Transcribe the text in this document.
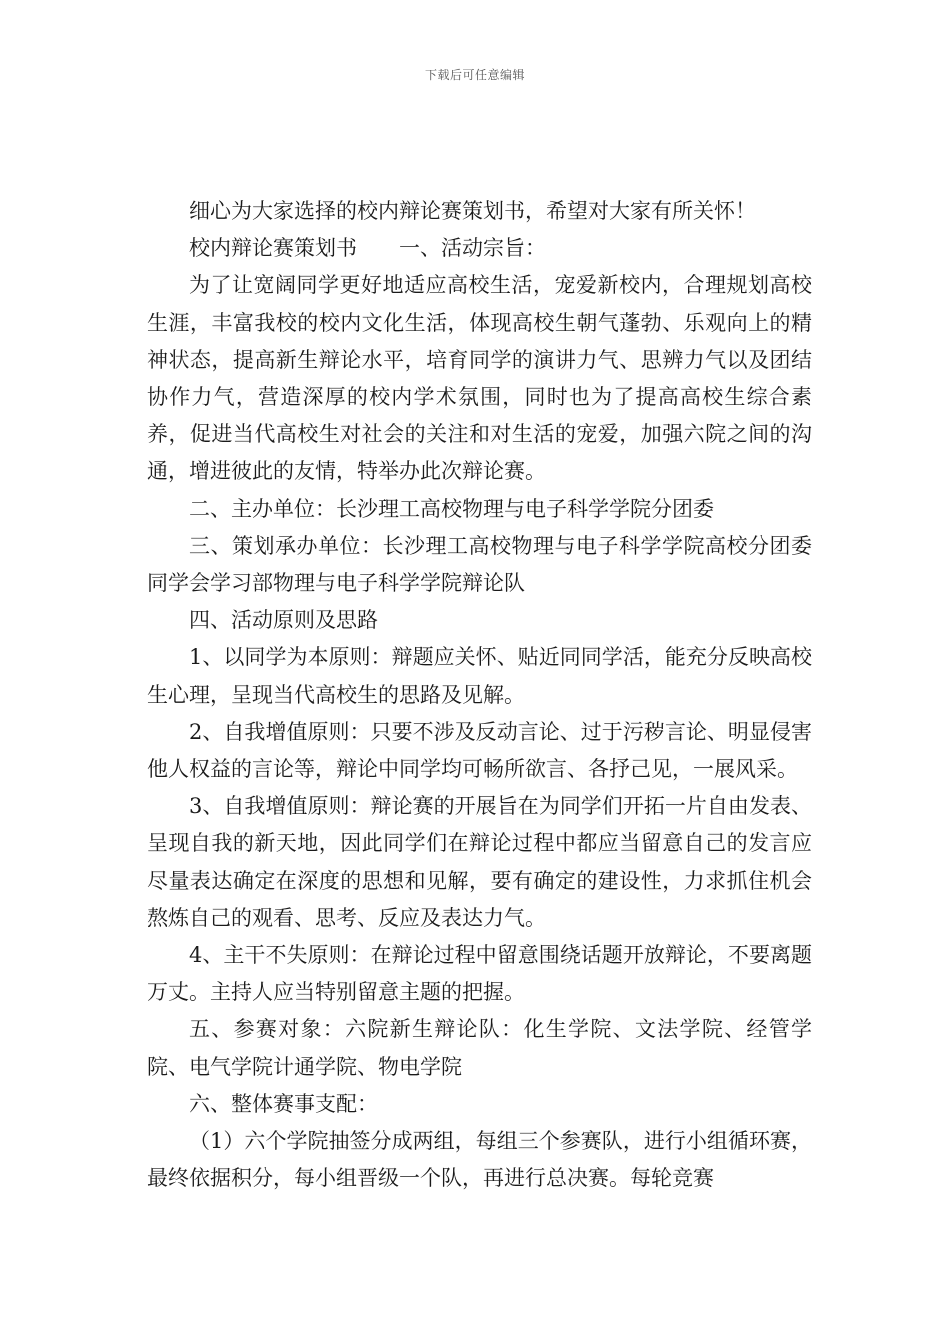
下载后可任意编辑

细心为大家选择的校内辩论赛策划书，希望对大家有所关怀！

校内辩论赛策划书　　一、活动宗旨：

为了让宽阔同学更好地适应高校生活，宠爱新校内，合理规划高校生涯，丰富我校的校内文化生活，体现高校生朝气蓬勃、乐观向上的精神状态，提高新生辩论水平，培育同学的演讲力气、思辨力气以及团结协作力气，营造深厚的校内学术氛围，同时也为了提高高校生综合素养，促进当代高校生对社会的关注和对生活的宠爱，加强六院之间的沟通，增进彼此的友情，特举办此次辩论赛。

二、主办单位：长沙理工高校物理与电子科学学院分团委

三、策划承办单位：长沙理工高校物理与电子科学学院高校分团委同学会学习部物理与电子科学学院辩论队

四、活动原则及思路

1、以同学为本原则：辩题应关怀、贴近同同学活，能充分反映高校生心理，呈现当代高校生的思路及见解。

2、自我增值原则：只要不涉及反动言论、过于污秽言论、明显侵害他人权益的言论等，辩论中同学均可畅所欲言、各抒己见，一展风采。

3、自我增值原则：辩论赛的开展旨在为同学们开拓一片自由发表、呈现自我的新天地，因此同学们在辩论过程中都应当留意自己的发言应尽量表达确定在深度的思想和见解，要有确定的建设性，力求抓住机会熬炼自己的观看、思考、反应及表达力气。

4、主干不失原则：在辩论过程中留意围绕话题开放辩论，不要离题万丈。主持人应当特别留意主题的把握。

五、参赛对象：六院新生辩论队：化生学院、文法学院、经管学院、电气学院计通学院、物电学院

六、整体赛事支配：

（1）六个学院抽签分成两组，每组三个参赛队，进行小组循环赛，最终依据积分，每小组晋级一个队，再进行总决赛。每轮竞赛
